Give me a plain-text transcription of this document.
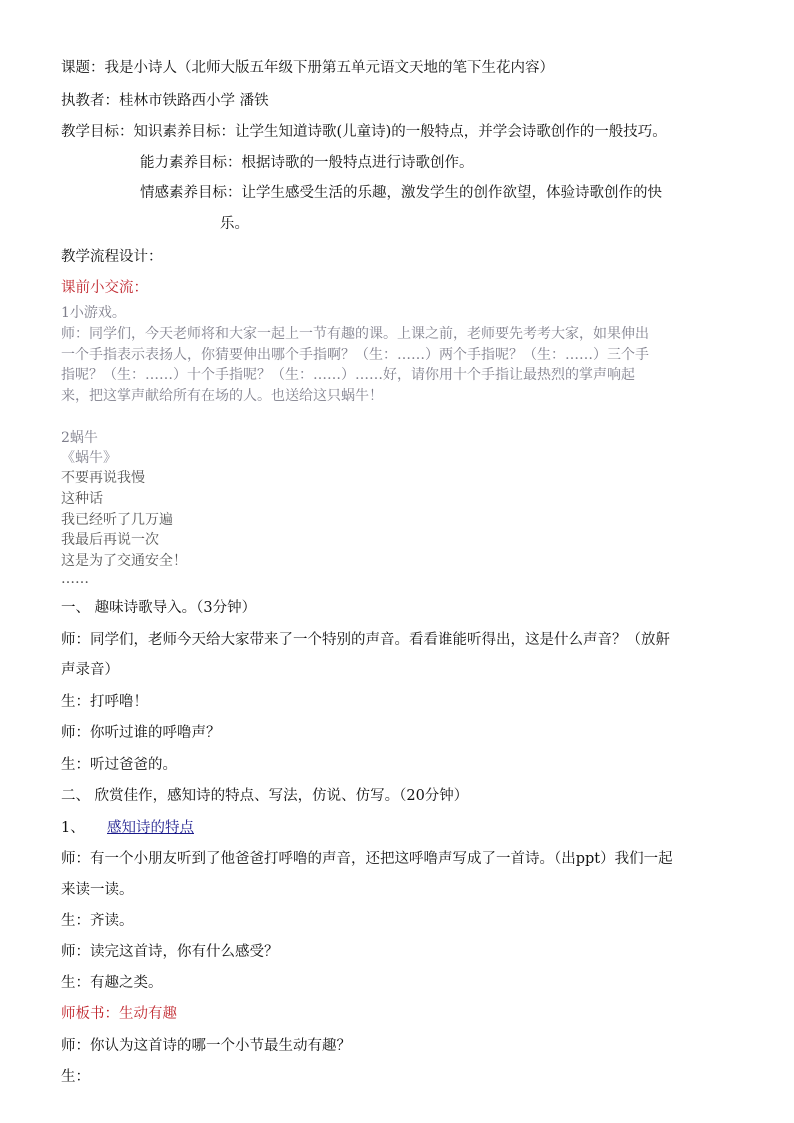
课题：我是小诗人（北师大版五年级下册第五单元语文天地的笔下生花内容）
执教者：桂林市铁路西小学 潘铁
教学目标：知识素养目标：让学生知道诗歌(儿童诗)的一般特点，并学会诗歌创作的一般技巧。
能力素养目标：根据诗歌的一般特点进行诗歌创作。
情感素养目标：让学生感受生活的乐趣，激发学生的创作欲望，体验诗歌创作的快
乐。
教学流程设计：
课前小交流：
1小游戏。
师：同学们，今天老师将和大家一起上一节有趣的课。上课之前，老师要先考考大家，如果伸出
一个手指表示表扬人，你猜要伸出哪个手指啊？（生：……）两个手指呢？（生：……）三个手
指呢？（生：……）十个手指呢？（生：……）……好，请你用十个手指让最热烈的掌声响起
来，把这掌声献给所有在场的人。也送给这只蜗牛！
2蜗牛
《蜗牛》
不要再说我慢
这种话
我已经听了几万遍
我最后再说一次
这是为了交通安全！
……
一、 趣味诗歌导入。（3分钟）
师：同学们，老师今天给大家带来了一个特别的声音。看看谁能听得出，这是什么声音？（放鼾
声录音）
生：打呼噜！
师：你听过谁的呼噜声？
生：听过爸爸的。
二、 欣赏佳作，感知诗的特点、写法，仿说、仿写。（20分钟）
1、 感知诗的特点
师：有一个小朋友听到了他爸爸打呼噜的声音，还把这呼噜声写成了一首诗。（出ppt）我们一起
来读一读。
生：齐读。
师：读完这首诗，你有什么感受？
生：有趣之类。
师板书：生动有趣
师：你认为这首诗的哪一个小节最生动有趣？
生：
